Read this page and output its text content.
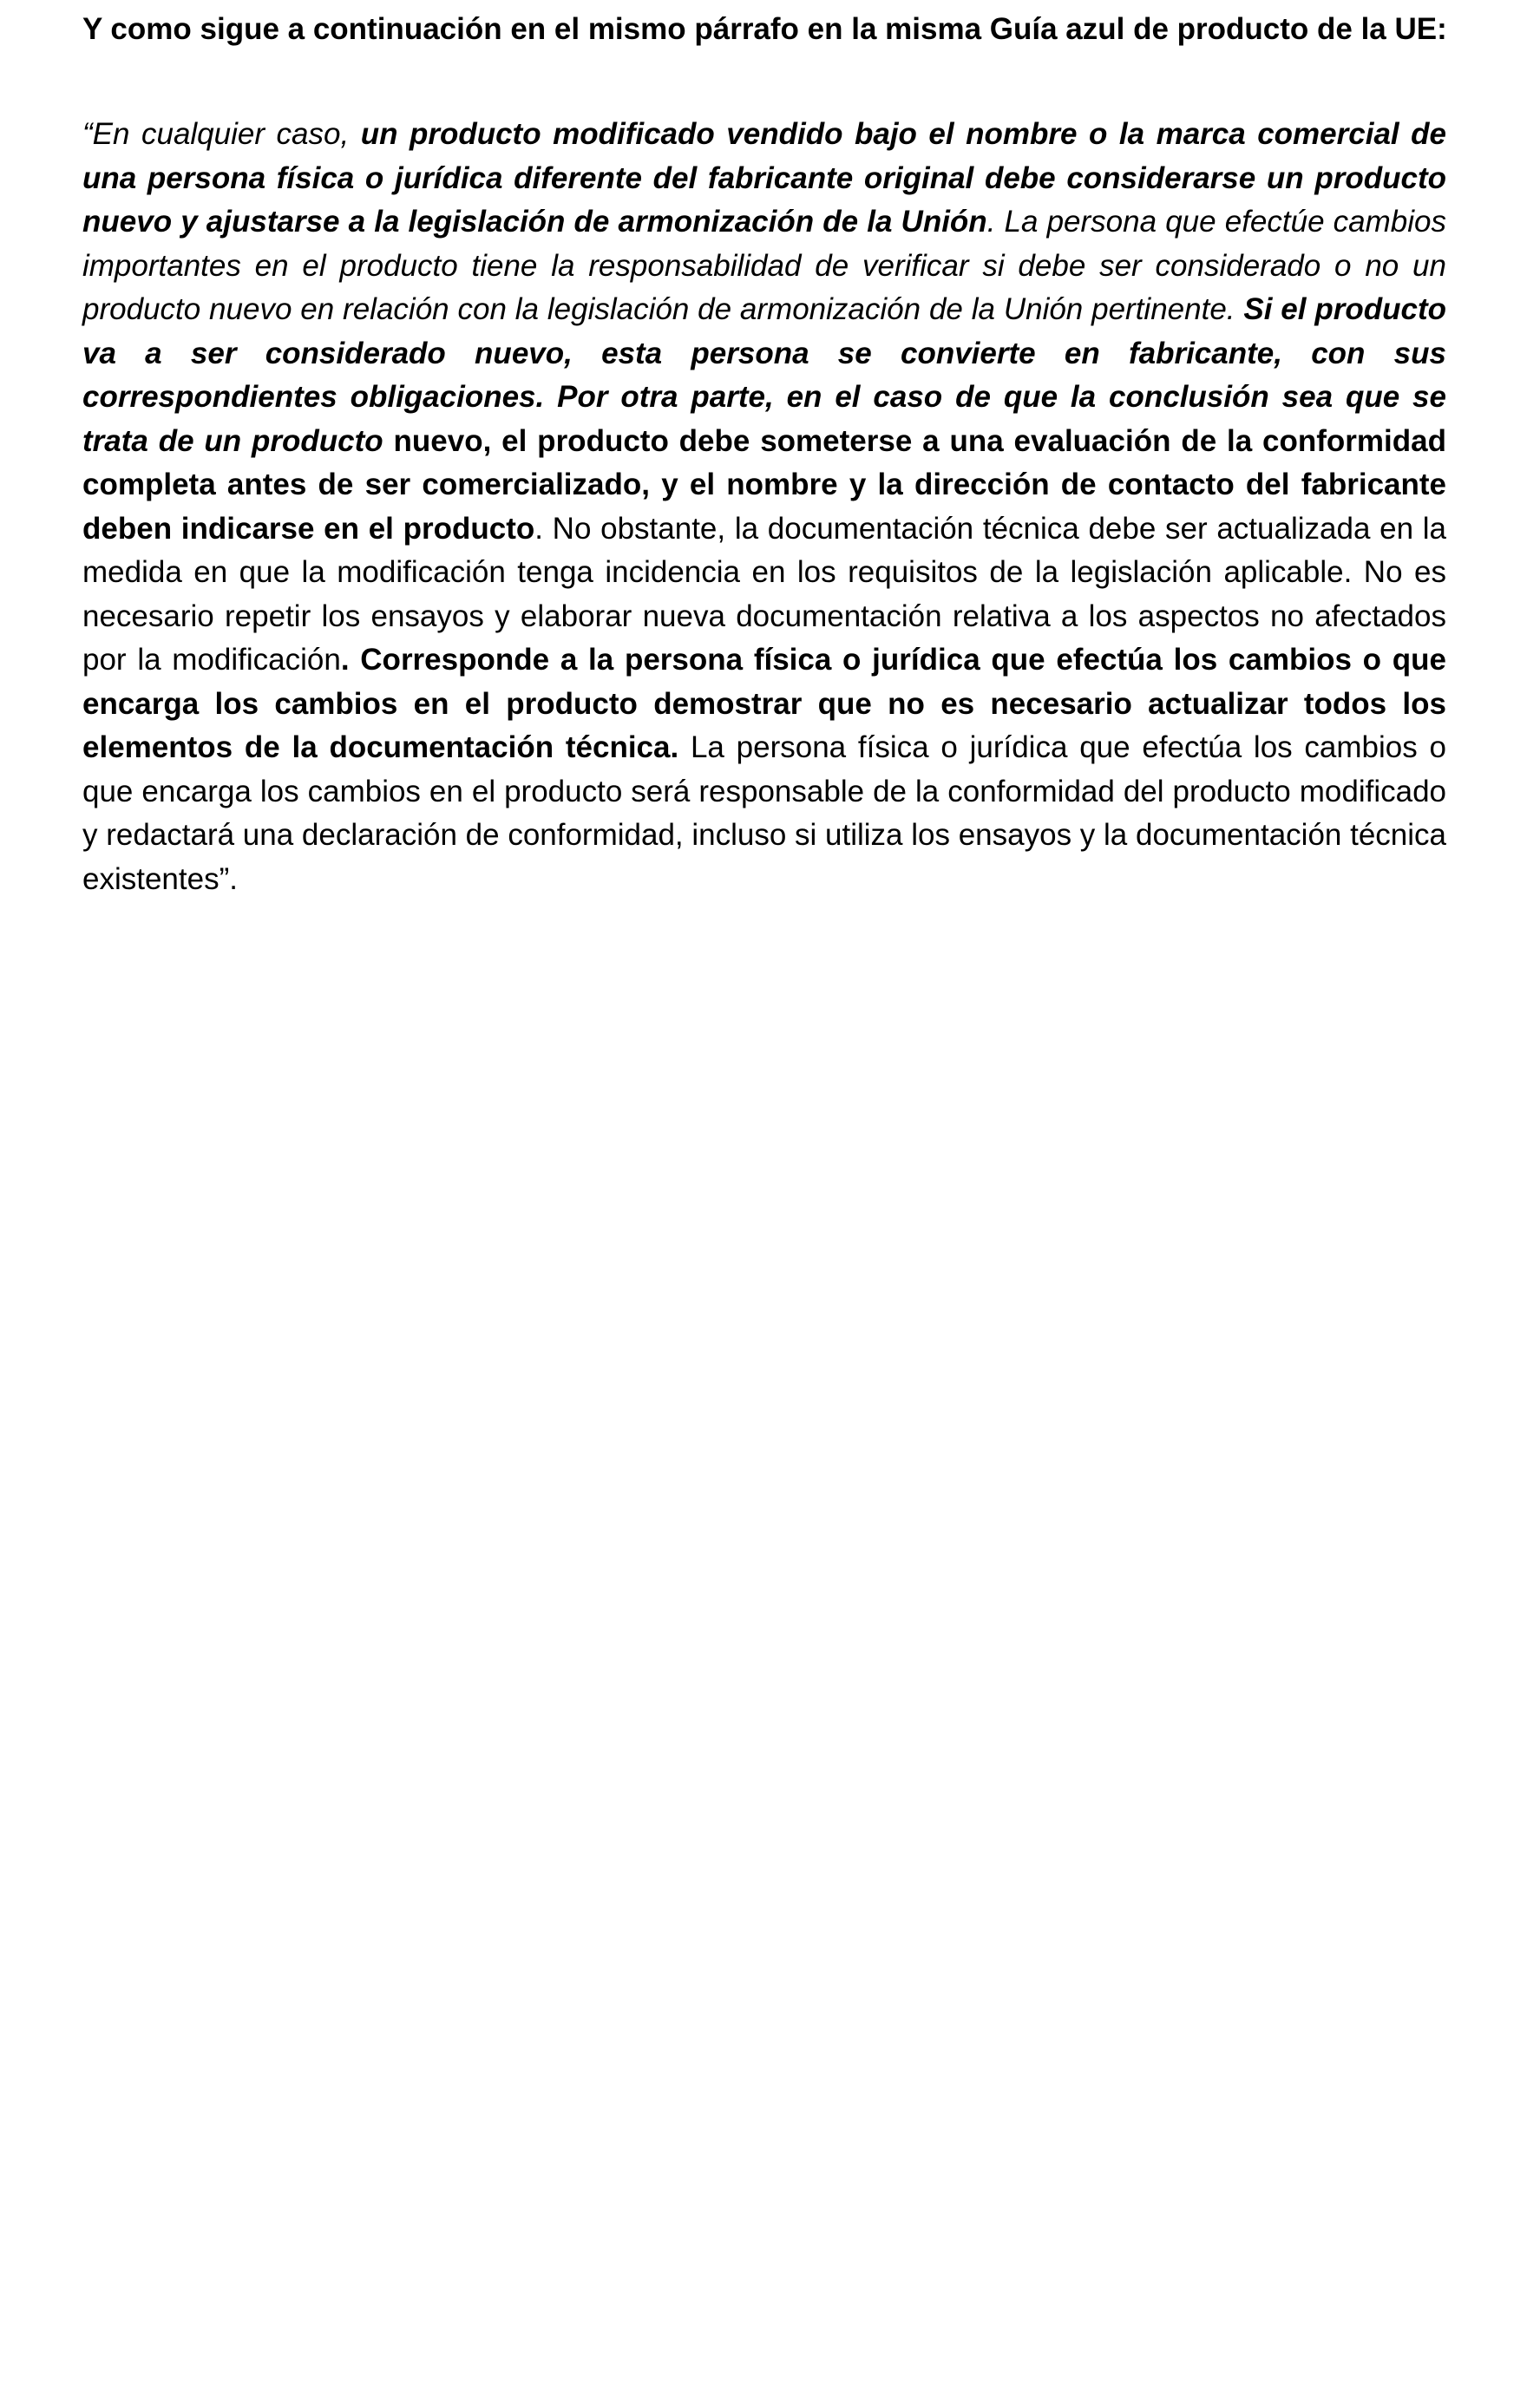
Y como sigue a continuación en el mismo párrafo en la misma Guía azul de producto de la UE:

“En cualquier caso, un producto modificado vendido bajo el nombre o la marca comercial de una persona física o jurídica diferente del fabricante original debe considerarse un producto nuevo y ajustarse a la legislación de armonización de la Unión. La persona que efectúe cambios importantes en el producto tiene la responsabilidad de verificar si debe ser considerado o no un producto nuevo en relación con la legislación de armonización de la Unión pertinente. Si el producto va a ser considerado nuevo, esta persona se convierte en fabricante, con sus correspondientes obligaciones. Por otra parte, en el caso de que la conclusión sea que se trata de un producto nuevo, el producto debe someterse a una evaluación de la conformidad completa antes de ser comercializado, y el nombre y la dirección de contacto del fabricante deben indicarse en el producto. No obstante, la documentación técnica debe ser actualizada en la medida en que la modificación tenga incidencia en los requisitos de la legislación aplicable. No es necesario repetir los ensayos y elaborar nueva documentación relativa a los aspectos no afectados por la modificación. Corresponde a la persona física o jurídica que efectúa los cambios o que encarga los cambios en el producto demostrar que no es necesario actualizar todos los elementos de la documentación técnica. La persona física o jurídica que efectúa los cambios o que encarga los cambios en el producto será responsable de la conformidad del producto modificado y redactará una declaración de conformidad, incluso si utiliza los ensayos y la documentación técnica existentes”.
